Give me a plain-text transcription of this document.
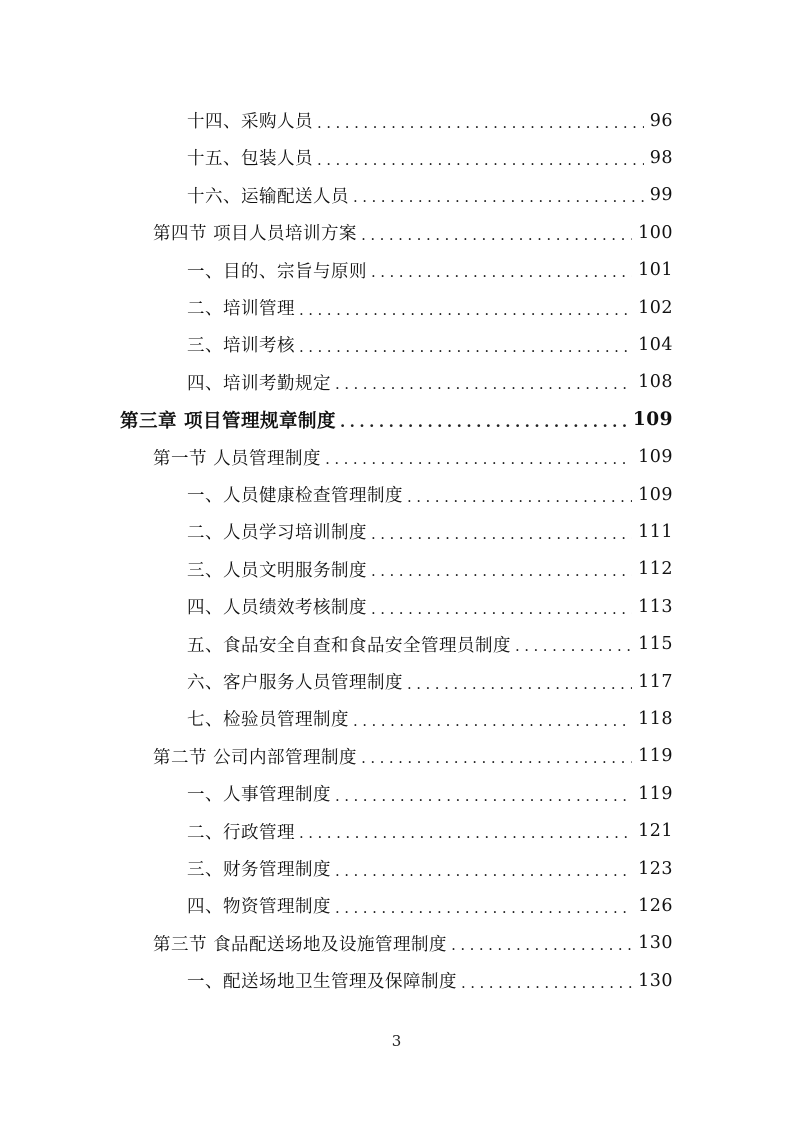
十四、采购人员 .....	96
十五、包装人员 .....	98
十六、运输配送人员 .....	99
第四节 项目人员培训方案 .....	100
一、目的、宗旨与原则 .....	101
二、培训管理 .....	102
三、培训考核 .....	104
四、培训考勤规定 .....	108
第三章 项目管理规章制度 .....	109
第一节 人员管理制度 .....	109
一、人员健康检查管理制度 .....	109
二、人员学习培训制度 .....	111
三、人员文明服务制度 .....	112
四、人员绩效考核制度 .....	113
五、食品安全自查和食品安全管理员制度 .....	115
六、客户服务人员管理制度 .....	117
七、检验员管理制度 .....	118
第二节 公司内部管理制度 .....	119
一、人事管理制度 .....	119
二、行政管理 .....	121
三、财务管理制度 .....	123
四、物资管理制度 .....	126
第三节 食品配送场地及设施管理制度 .....	130
一、配送场地卫生管理及保障制度 .....	130
3
